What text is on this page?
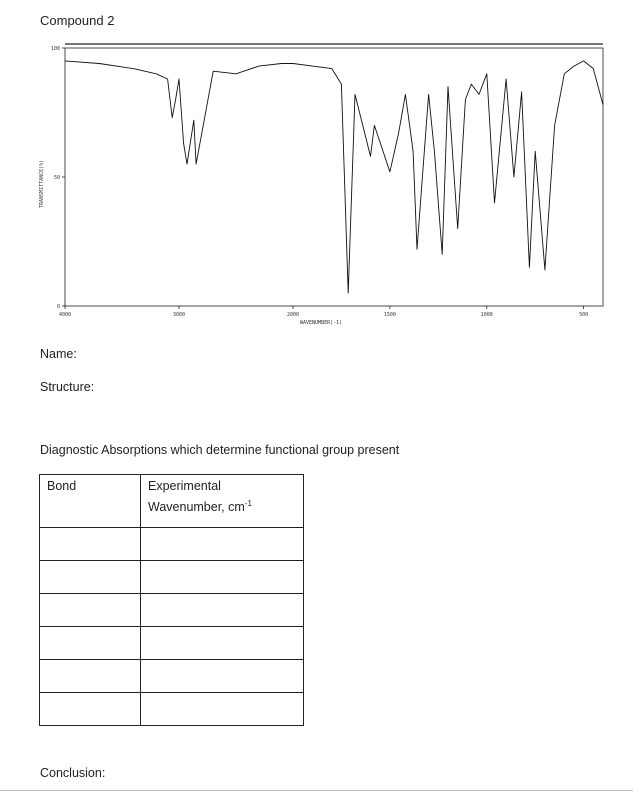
Compound 2
100
50
0
4000	3000	2000	1500	1000	500
TRANSMITTANCE(%)
WAVENUMBER(-1)
Name:
Structure:
Diagnostic Absorptions which determine functional group present
Bond	Experimental
Wavenumber, $cm^{-1}$

Conclusion:
